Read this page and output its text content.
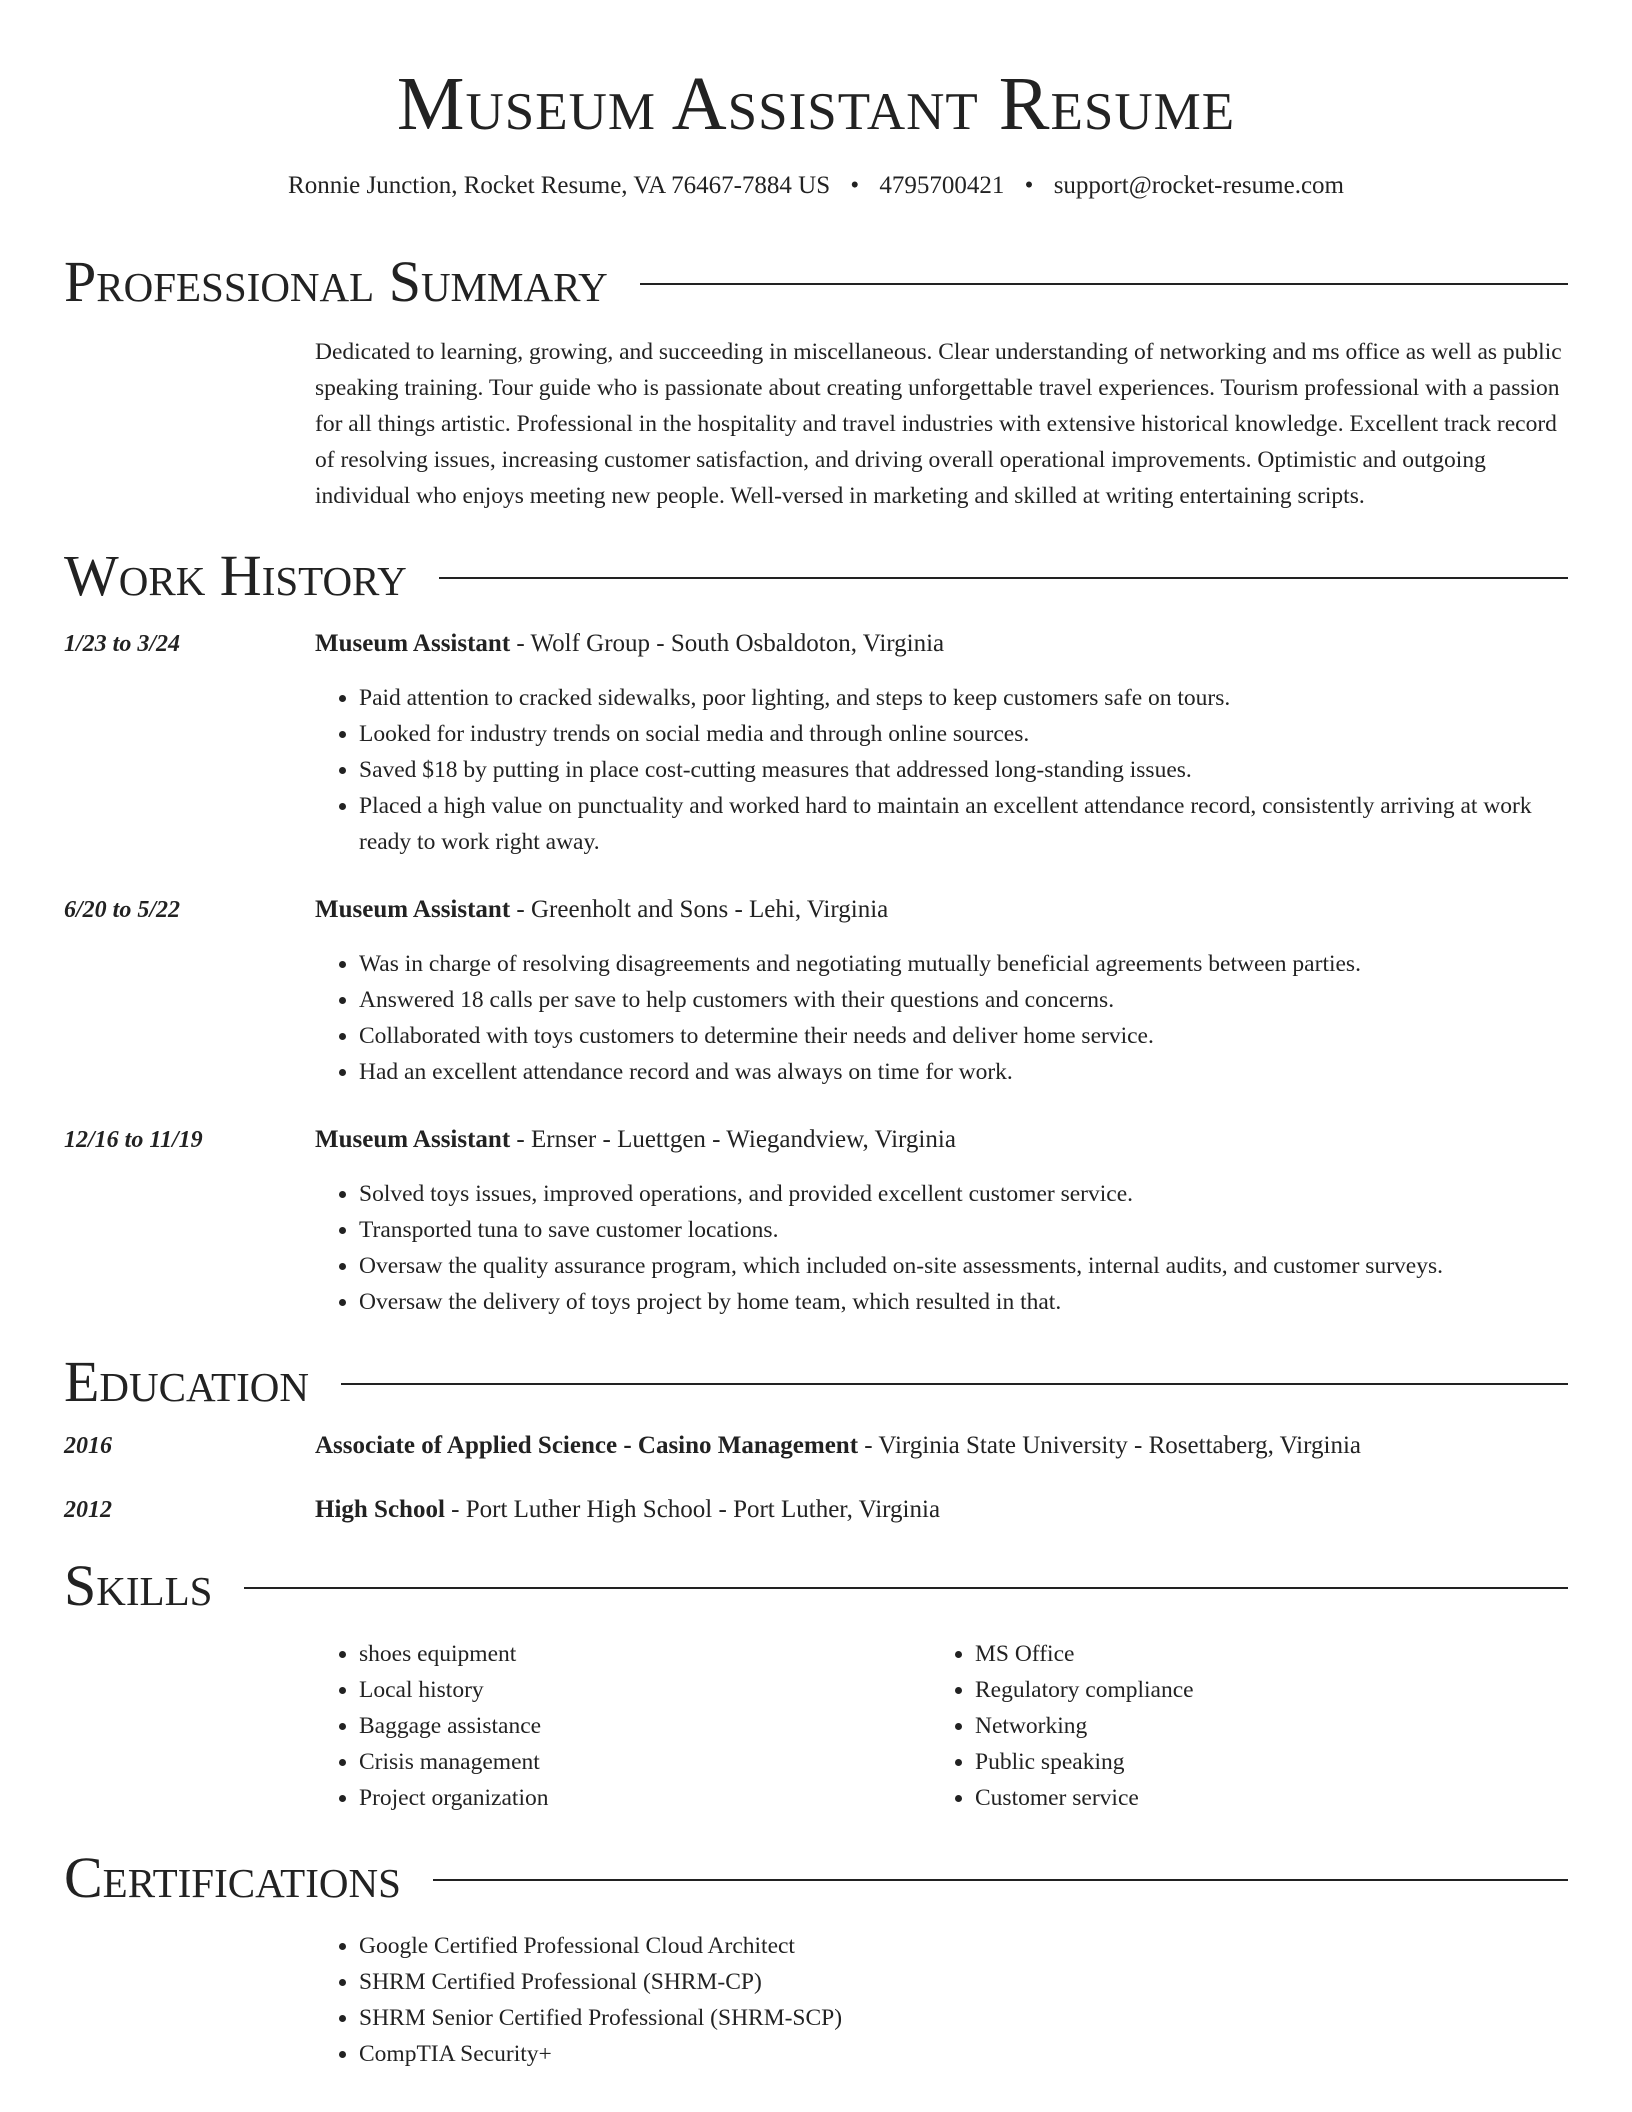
Museum Assistant Resume
Ronnie Junction, Rocket Resume, VA 76467-7884 US • 4795700421 • support@rocket-resume.com
Professional Summary
Dedicated to learning, growing, and succeeding in miscellaneous. Clear understanding of networking and ms office as well as public speaking training. Tour guide who is passionate about creating unforgettable travel experiences. Tourism professional with a passion for all things artistic. Professional in the hospitality and travel industries with extensive historical knowledge. Excellent track record of resolving issues, increasing customer satisfaction, and driving overall operational improvements. Optimistic and outgoing individual who enjoys meeting new people. Well-versed in marketing and skilled at writing entertaining scripts.
Work History
1/23 to 3/24	Museum Assistant - Wolf Group - South Osbaldoton, Virginia
• Paid attention to cracked sidewalks, poor lighting, and steps to keep customers safe on tours.
• Looked for industry trends on social media and through online sources.
• Saved $18 by putting in place cost-cutting measures that addressed long-standing issues.
• Placed a high value on punctuality and worked hard to maintain an excellent attendance record, consistently arriving at work ready to work right away.
6/20 to 5/22	Museum Assistant - Greenholt and Sons - Lehi, Virginia
• Was in charge of resolving disagreements and negotiating mutually beneficial agreements between parties.
• Answered 18 calls per save to help customers with their questions and concerns.
• Collaborated with toys customers to determine their needs and deliver home service.
• Had an excellent attendance record and was always on time for work.
12/16 to 11/19	Museum Assistant - Ernser - Luettgen - Wiegandview, Virginia
• Solved toys issues, improved operations, and provided excellent customer service.
• Transported tuna to save customer locations.
• Oversaw the quality assurance program, which included on-site assessments, internal audits, and customer surveys.
• Oversaw the delivery of toys project by home team, which resulted in that.
Education
2016	Associate of Applied Science - Casino Management - Virginia State University - Rosettaberg, Virginia
2012	High School - Port Luther High School - Port Luther, Virginia
Skills
• shoes equipment
• Local history
• Baggage assistance
• Crisis management
• Project organization
• MS Office
• Regulatory compliance
• Networking
• Public speaking
• Customer service
Certifications
• Google Certified Professional Cloud Architect
• SHRM Certified Professional (SHRM-CP)
• SHRM Senior Certified Professional (SHRM-SCP)
• CompTIA Security+
